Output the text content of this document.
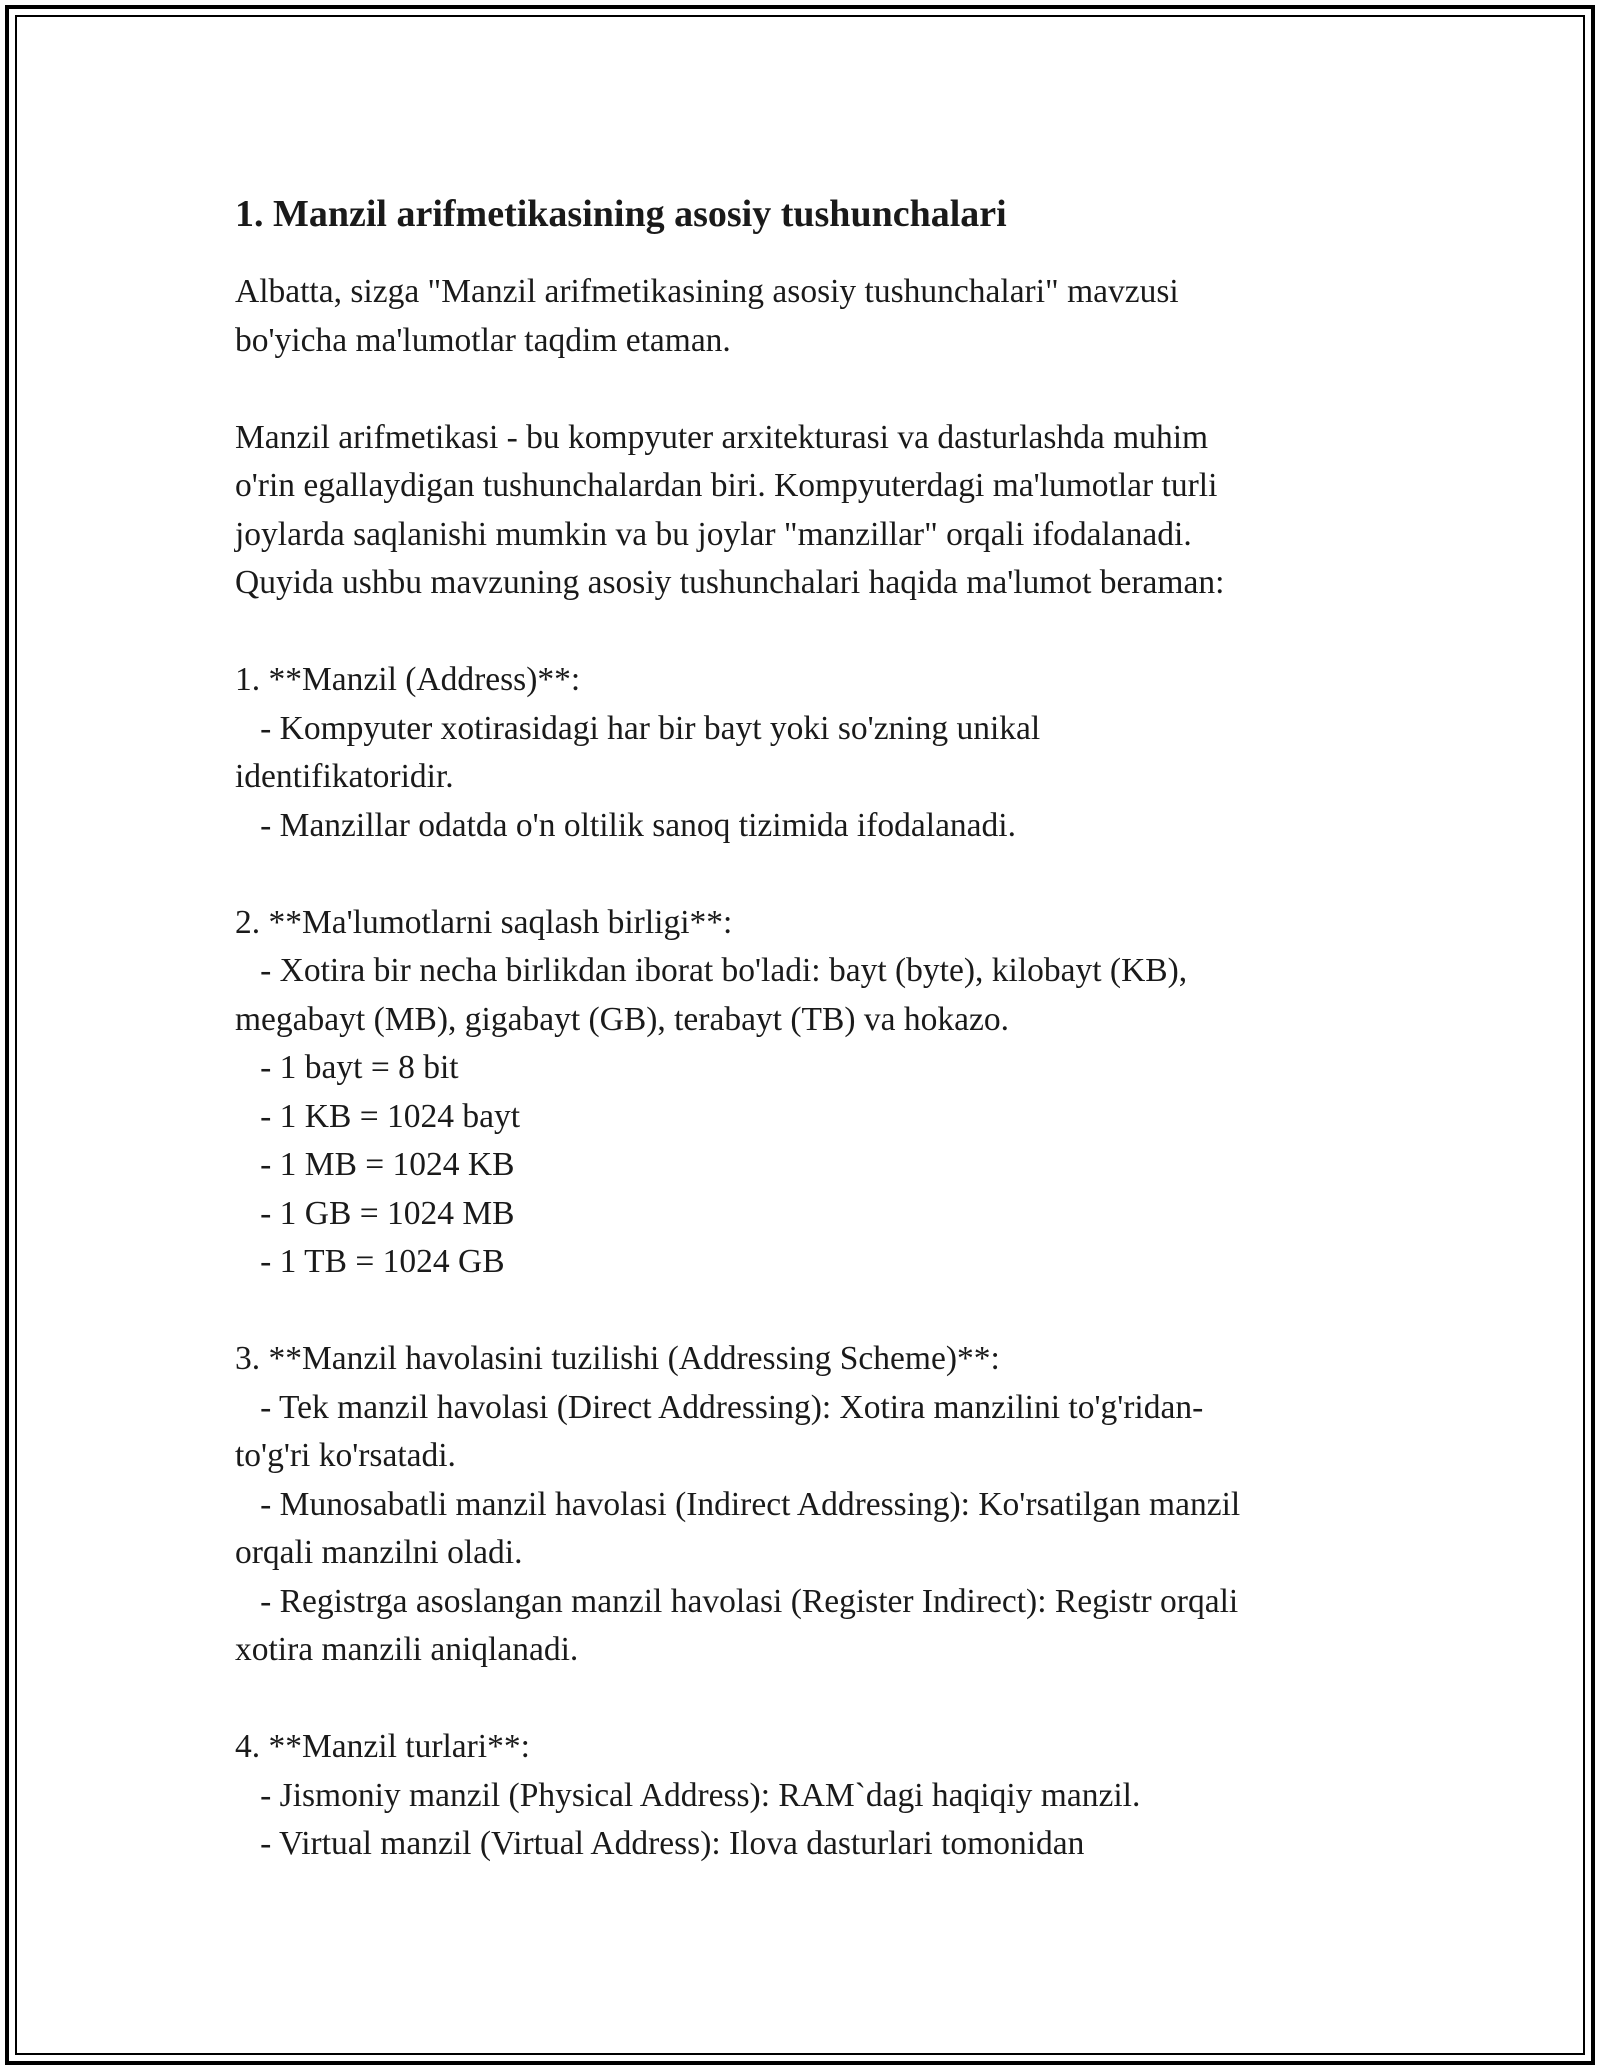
1. Manzil arifmetikasining asosiy tushunchalari
Albatta, sizga "Manzil arifmetikasining asosiy tushunchalari" mavzusi
bo'yicha ma'lumotlar taqdim etaman.
Manzil arifmetikasi - bu kompyuter arxitekturasi va dasturlashda muhim
o'rin egallaydigan tushunchalardan biri. Kompyuterdagi ma'lumotlar turli
joylarda saqlanishi mumkin va bu joylar "manzillar" orqali ifodalanadi.
Quyida ushbu mavzuning asosiy tushunchalari haqida ma'lumot beraman:
1. **Manzil (Address)**:
- Kompyuter xotirasidagi har bir bayt yoki so'zning unikal
identifikatoridir.
- Manzillar odatda o'n oltilik sanoq tizimida ifodalanadi.
2. **Ma'lumotlarni saqlash birligi**:
- Xotira bir necha birlikdan iborat bo'ladi: bayt (byte), kilobayt (KB),
megabayt (MB), gigabayt (GB), terabayt (TB) va hokazo.
- 1 bayt = 8 bit
- 1 KB = 1024 bayt
- 1 MB = 1024 KB
- 1 GB = 1024 MB
- 1 TB = 1024 GB
3. **Manzil havolasini tuzilishi (Addressing Scheme)**:
- Tek manzil havolasi (Direct Addressing): Xotira manzilini to'g'ridan-
to'g'ri ko'rsatadi.
- Munosabatli manzil havolasi (Indirect Addressing): Ko'rsatilgan manzil
orqali manzilni oladi.
- Registrga asoslangan manzil havolasi (Register Indirect): Registr orqali
xotira manzili aniqlanadi.
4. **Manzil turlari**:
- Jismoniy manzil (Physical Address): RAM`dagi haqiqiy manzil.
- Virtual manzil (Virtual Address): Ilova dasturlari tomonidan
